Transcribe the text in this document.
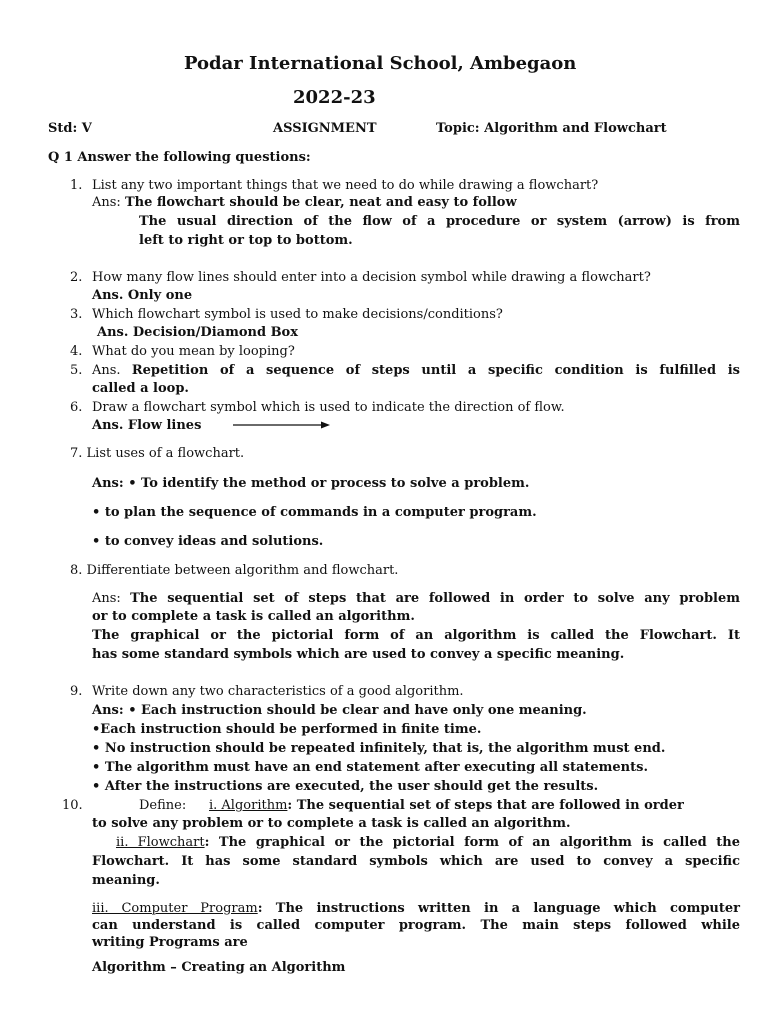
Podar International School, Ambegaon
2022-23
Std: V	ASSIGNMENT	Topic: Algorithm and Flowchart
Q 1 Answer the following questions:
1. List any two important things that we need to do while drawing a flowchart?
Ans: The flowchart should be clear, neat and easy to follow
The usual direction of the flow of a procedure or system (arrow) is from
left to right or top to bottom.
2. How many flow lines should enter into a decision symbol while drawing a flowchart?
Ans. Only one
3. Which flowchart symbol is used to make decisions/conditions?
Ans. Decision/Diamond Box
4. What do you mean by looping?
5. Ans. Repetition of a sequence of steps until a specific condition is fulfilled is
called a loop.
6. Draw a flowchart symbol which is used to indicate the direction of flow.
Ans. Flow lines
7. List uses of a flowchart.
Ans: • To identify the method or process to solve a problem.
• to plan the sequence of commands in a computer program.
• to convey ideas and solutions.
8. Differentiate between algorithm and flowchart.
Ans: The sequential set of steps that are followed in order to solve any problem
or to complete a task is called an algorithm.
The graphical or the pictorial form of an algorithm is called the Flowchart. It
has some standard symbols which are used to convey a specific meaning.
9. Write down any two characteristics of a good algorithm.
Ans: • Each instruction should be clear and have only one meaning.
•Each instruction should be performed in finite time.
• No instruction should be repeated infinitely, that is, the algorithm must end.
• The algorithm must have an end statement after executing all statements.
• After the instructions are executed, the user should get the results.
10.	Define: i. Algorithm: The sequential set of steps that are followed in order
to solve any problem or to complete a task is called an algorithm.
ii. Flowchart: The graphical or the pictorial form of an algorithm is called the
Flowchart. It has some standard symbols which are used to convey a specific
meaning.
iii. Computer Program: The instructions written in a language which computer
can understand is called computer program. The main steps followed while
writing Programs are
Algorithm – Creating an Algorithm
